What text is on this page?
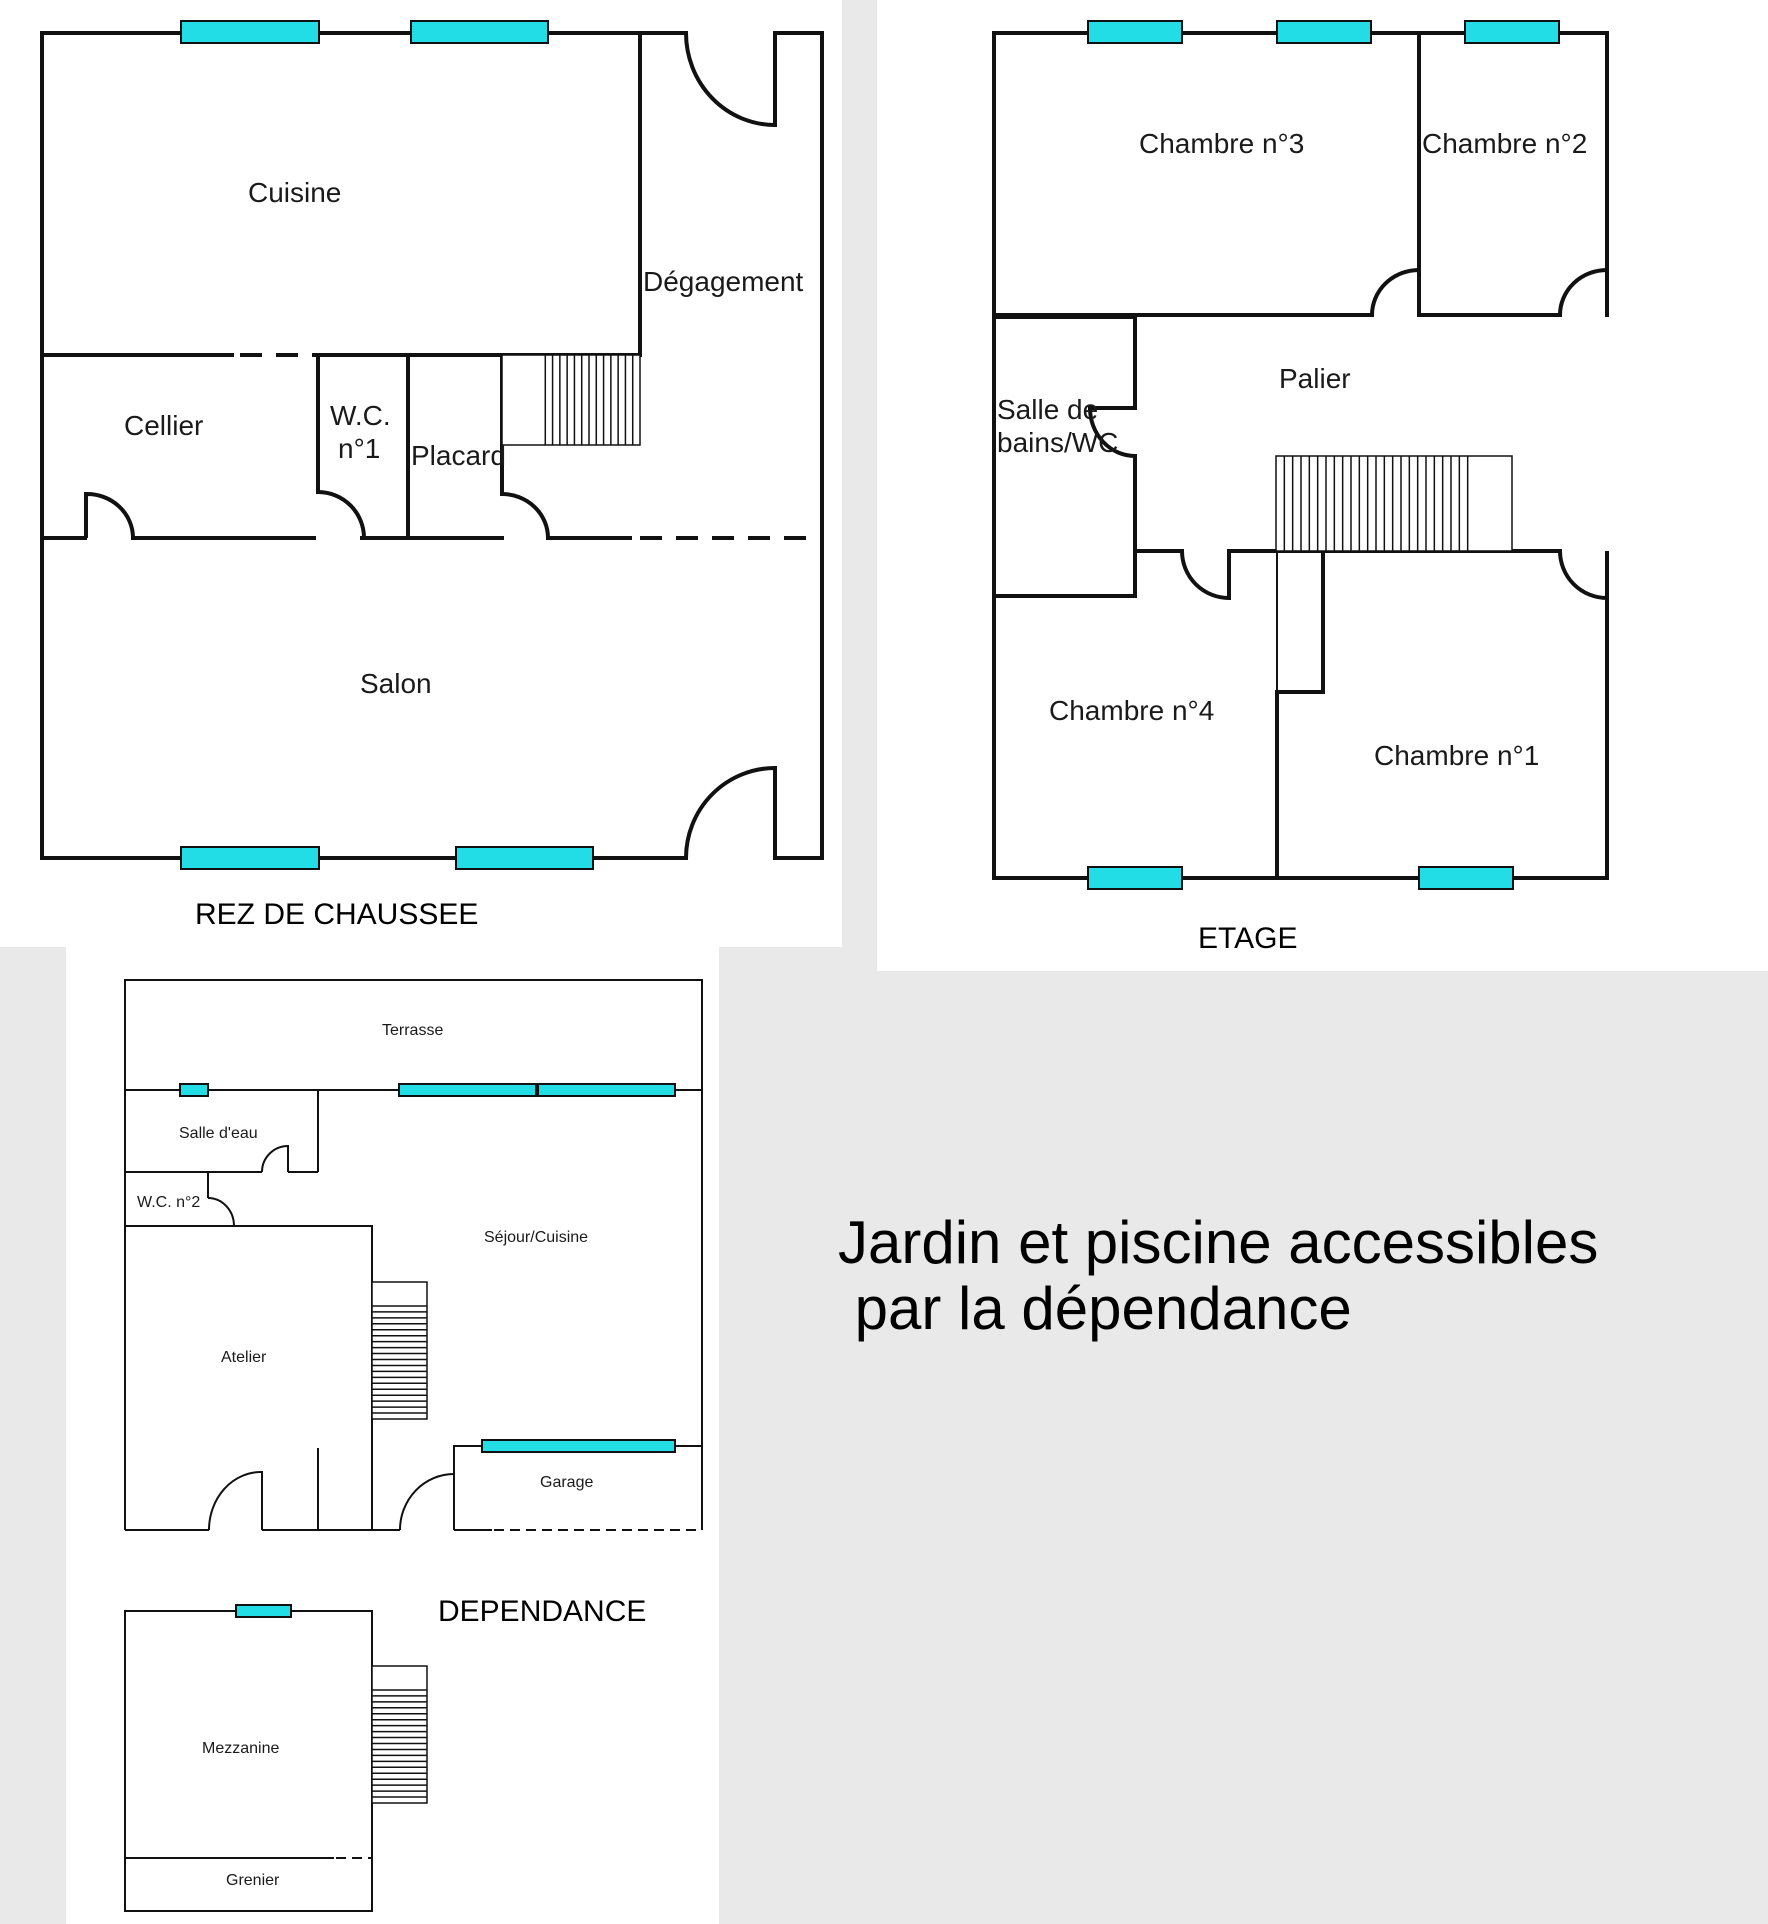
Cuisine
Dégagement
Cellier	W.C.
n°1 Placard
Salon
REZ DE CHAUSSEE
Chambre n°3	Chambre n°2
Palier
Salle de
bains/WC
Chambre n°4
Chambre n°1
ETAGE
Terrasse
Salle d'eau
W.C. n°2
Séjour/Cuisine
Atelier
Garage
Mezzanine
Grenier
DEPENDANCE
Jardin et piscine accessibles
par la dépendance
